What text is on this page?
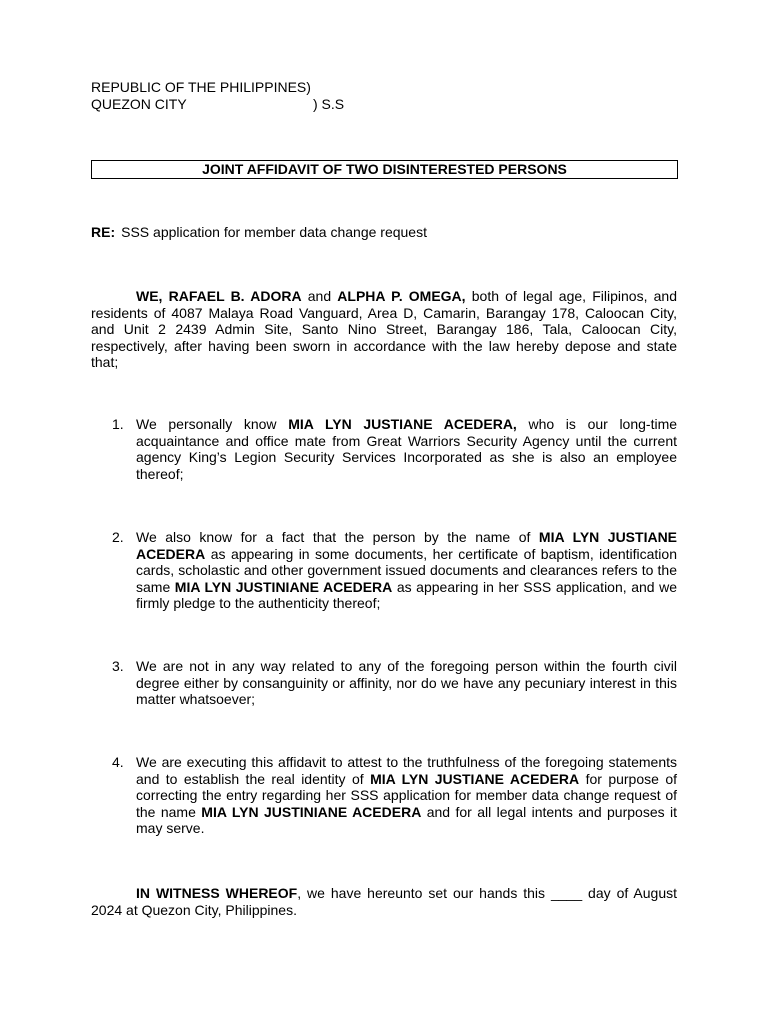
REPUBLIC OF THE PHILIPPINES)
QUEZON CITY	) S.S
JOINT AFFIDAVIT OF TWO DISINTERESTED PERSONS
RE: SSS application for member data change request
WE, RAFAEL B. ADORA and ALPHA P. OMEGA, both of legal age, Filipinos, and residents of 4087 Malaya Road Vanguard, Area D, Camarin, Barangay 178, Caloocan City, and Unit 2 2439 Admin Site, Santo Nino Street, Barangay 186, Tala, Caloocan City, respectively, after having been sworn in accordance with the law hereby depose and state that;
1. We personally know MIA LYN JUSTIANE ACEDERA, who is our long-time acquaintance and office mate from Great Warriors Security Agency until the current agency King’s Legion Security Services Incorporated as she is also an employee thereof;
2. We also know for a fact that the person by the name of MIA LYN JUSTIANE ACEDERA as appearing in some documents, her certificate of baptism, identification cards, scholastic and other government issued documents and clearances refers to the same MIA LYN JUSTINIANE ACEDERA as appearing in her SSS application, and we firmly pledge to the authenticity thereof;
3. We are not in any way related to any of the foregoing person within the fourth civil degree either by consanguinity or affinity, nor do we have any pecuniary interest in this matter whatsoever;
4. We are executing this affidavit to attest to the truthfulness of the foregoing statements and to establish the real identity of MIA LYN JUSTIANE ACEDERA for purpose of correcting the entry regarding her SSS application for member data change request of the name MIA LYN JUSTINIANE ACEDERA and for all legal intents and purposes it may serve.
IN WITNESS WHEREOF, we have hereunto set our hands this ____ day of August 2024 at Quezon City, Philippines.
